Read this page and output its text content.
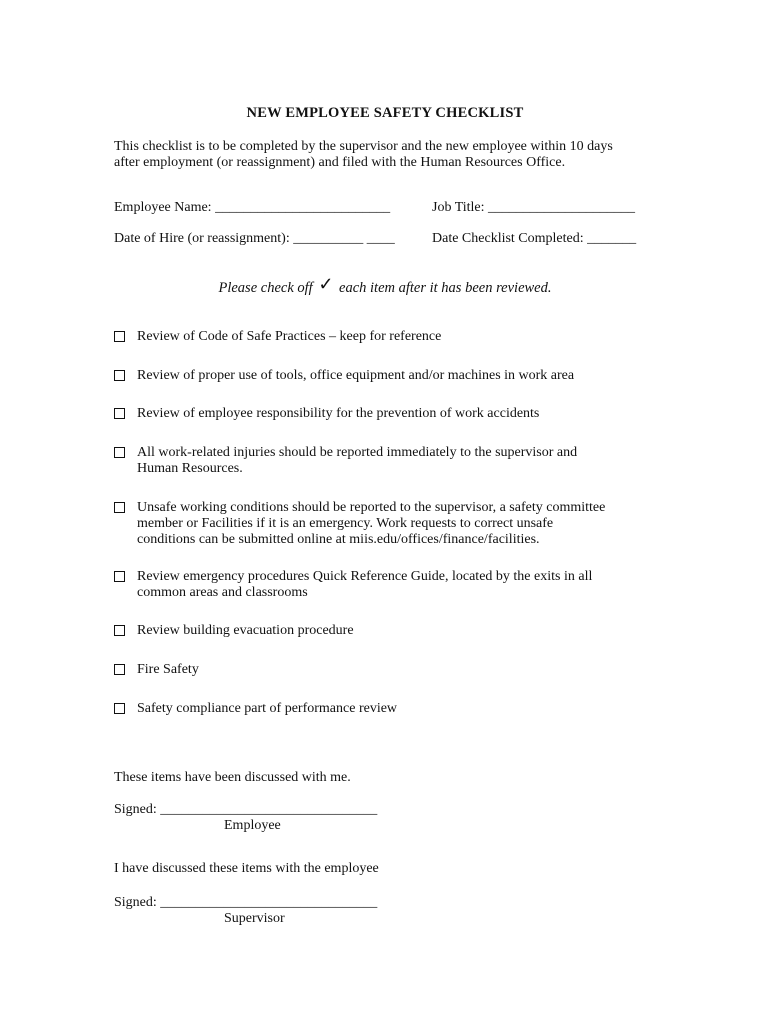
NEW EMPLOYEE SAFETY CHECKLIST
This checklist is to be completed by the supervisor and the new employee within 10 days
after employment (or reassignment) and filed with the Human Resources Office.
Employee Name: _________________________	Job Title: _____________________
Date of Hire (or reassignment): __________ ____	Date Checklist Completed: _______
Please check off ✓ each item after it has been reviewed.
Review of Code of Safe Practices – keep for reference
Review of proper use of tools, office equipment and/or machines in work area
Review of employee responsibility for the prevention of work accidents
All work-related injuries should be reported immediately to the supervisor and
Human Resources.
Unsafe working conditions should be reported to the supervisor, a safety committee
member or Facilities if it is an emergency. Work requests to correct unsafe
conditions can be submitted online at miis.edu/offices/finance/facilities.
Review emergency procedures Quick Reference Guide, located by the exits in all
common areas and classrooms
Review building evacuation procedure
Fire Safety
Safety compliance part of performance review
These items have been discussed with me.
Signed: _______________________________
Employee
I have discussed these items with the employee
Signed: _______________________________
Supervisor
